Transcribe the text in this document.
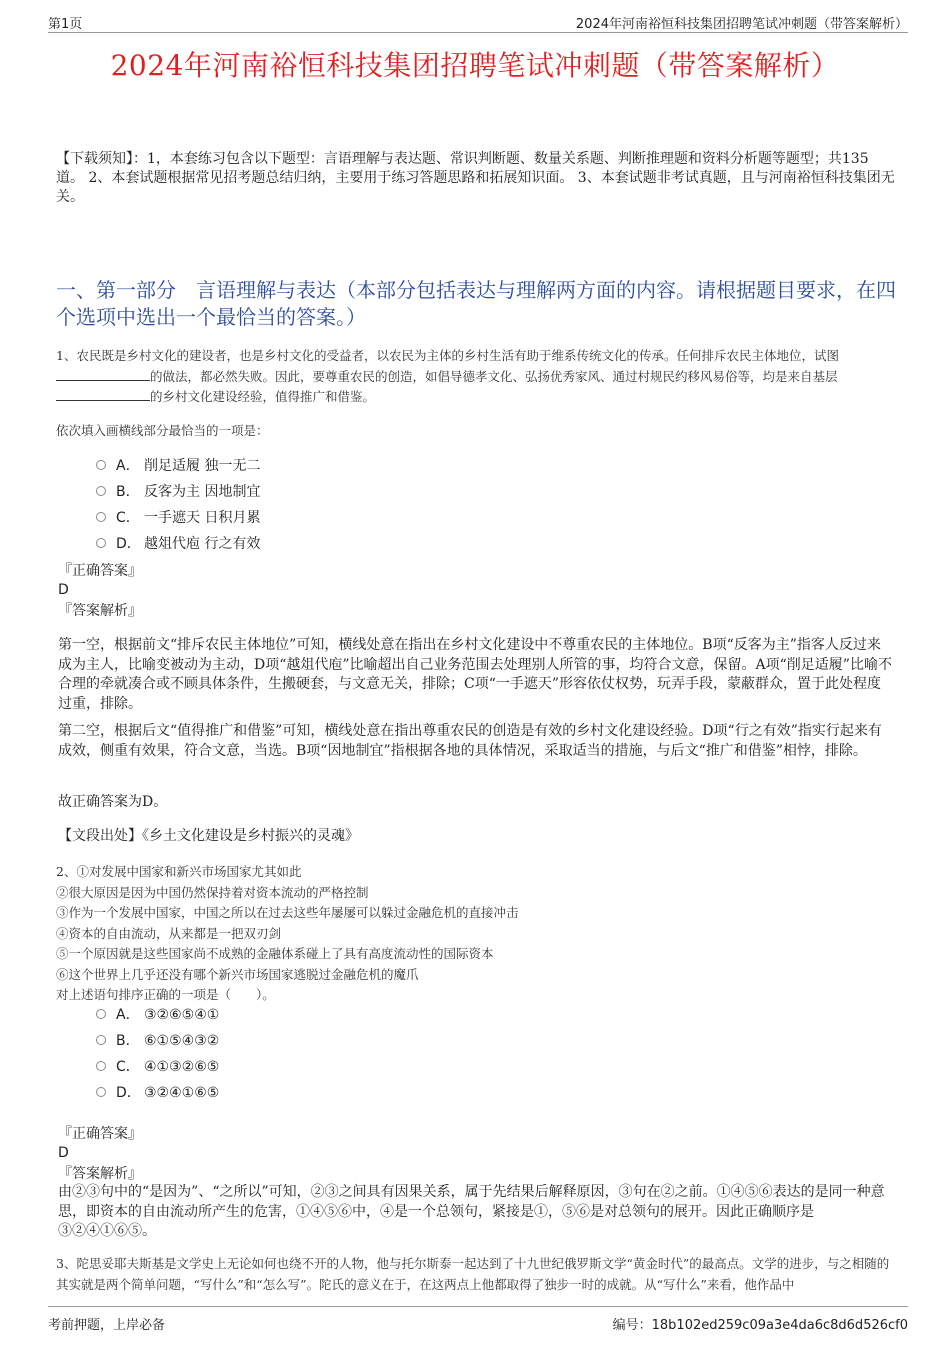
第1页	2024年河南裕恒科技集团招聘笔试冲刺题（带答案解析）
2024年河南裕恒科技集团招聘笔试冲刺题（带答案解析）
【下载须知】：1，本套练习包含以下题型：言语理解与表达题、常识判断题、数量关系题、判断推理题和资料分析题等题型；共135道。 2、本套试题根据常见招考题总结归纳，主要用于练习答题思路和拓展知识面。 3、本套试题非考试真题，且与河南裕恒科技集团无关。
一、第一部分　言语理解与表达（本部分包括表达与理解两方面的内容。请根据题目要求，在四个选项中选出一个最恰当的答案。）
1、农民既是乡村文化的建设者，也是乡村文化的受益者，以农民为主体的乡村生活有助于维系传统文化的传承。任何排斥农民主体地位，试图
的做法，都必然失败。因此，要尊重农民的创造，如倡导德孝文化、弘扬优秀家风、通过村规民约移风易俗等，均是来自基层
的乡村文化建设经验，值得推广和借鉴。
依次填入画横线部分最恰当的一项是：
A． 削足适履 独一无二
B． 反客为主 因地制宜
C． 一手遮天 日积月累
D． 越俎代庖 行之有效
『正确答案』
D
『答案解析』
第一空，根据前文“排斥农民主体地位”可知，横线处意在指出在乡村文化建设中不尊重农民的主体地位。B项“反客为主”指客人反过来成为主人，比喻变被动为主动，D项“越俎代庖”比喻超出自己业务范围去处理别人所管的事，均符合文意，保留。A项“削足适履”比喻不合理的牵就凑合或不顾具体条件，生搬硬套，与文意无关，排除；C项“一手遮天”形容依仗权势，玩弄手段，蒙蔽群众，置于此处程度过重，排除。
第二空，根据后文“值得推广和借鉴”可知，横线处意在指出尊重农民的创造是有效的乡村文化建设经验。D项“行之有效”指实行起来有成效，侧重有效果，符合文意，当选。B项“因地制宜”指根据各地的具体情况，采取适当的措施，与后文“推广和借鉴”相悖，排除。
故正确答案为D。
【文段出处】《乡土文化建设是乡村振兴的灵魂》
2、①对发展中国家和新兴市场国家尤其如此
②很大原因是因为中国仍然保持着对资本流动的严格控制
③作为一个发展中国家，中国之所以在过去这些年屡屡可以躲过金融危机的直接冲击
④资本的自由流动，从来都是一把双刃剑
⑤一个原因就是这些国家尚不成熟的金融体系碰上了具有高度流动性的国际资本
⑥这个世界上几乎还没有哪个新兴市场国家逃脱过金融危机的魔爪
对上述语句排序正确的一项是（　　）。
A． ③②⑥⑤④①
B． ⑥①⑤④③②
C． ④①③②⑥⑤
D． ③②④①⑥⑤
『正确答案』
D
『答案解析』
由②③句中的“是因为”、“之所以”可知，②③之间具有因果关系，属于先结果后解释原因，③句在②之前。①④⑤⑥表达的是同一种意思，即资本的自由流动所产生的危害，①④⑤⑥中，④是一个总领句，紧接是①，⑤⑥是对总领句的展开。因此正确顺序是③②④①⑥⑤。
3、陀思妥耶夫斯基是文学史上无论如何也绕不开的人物，他与托尔斯泰一起达到了十九世纪俄罗斯文学“黄金时代”的最高点。文学的进步，与之相随的其实就是两个简单问题，“写什么”和“怎么写”。陀氏的意义在于，在这两点上他都取得了独步一时的成就。从“写什么”来看，他作品中
考前押题，上岸必备	编号：18b102ed259c09a3e4da6c8d6d526cf0
